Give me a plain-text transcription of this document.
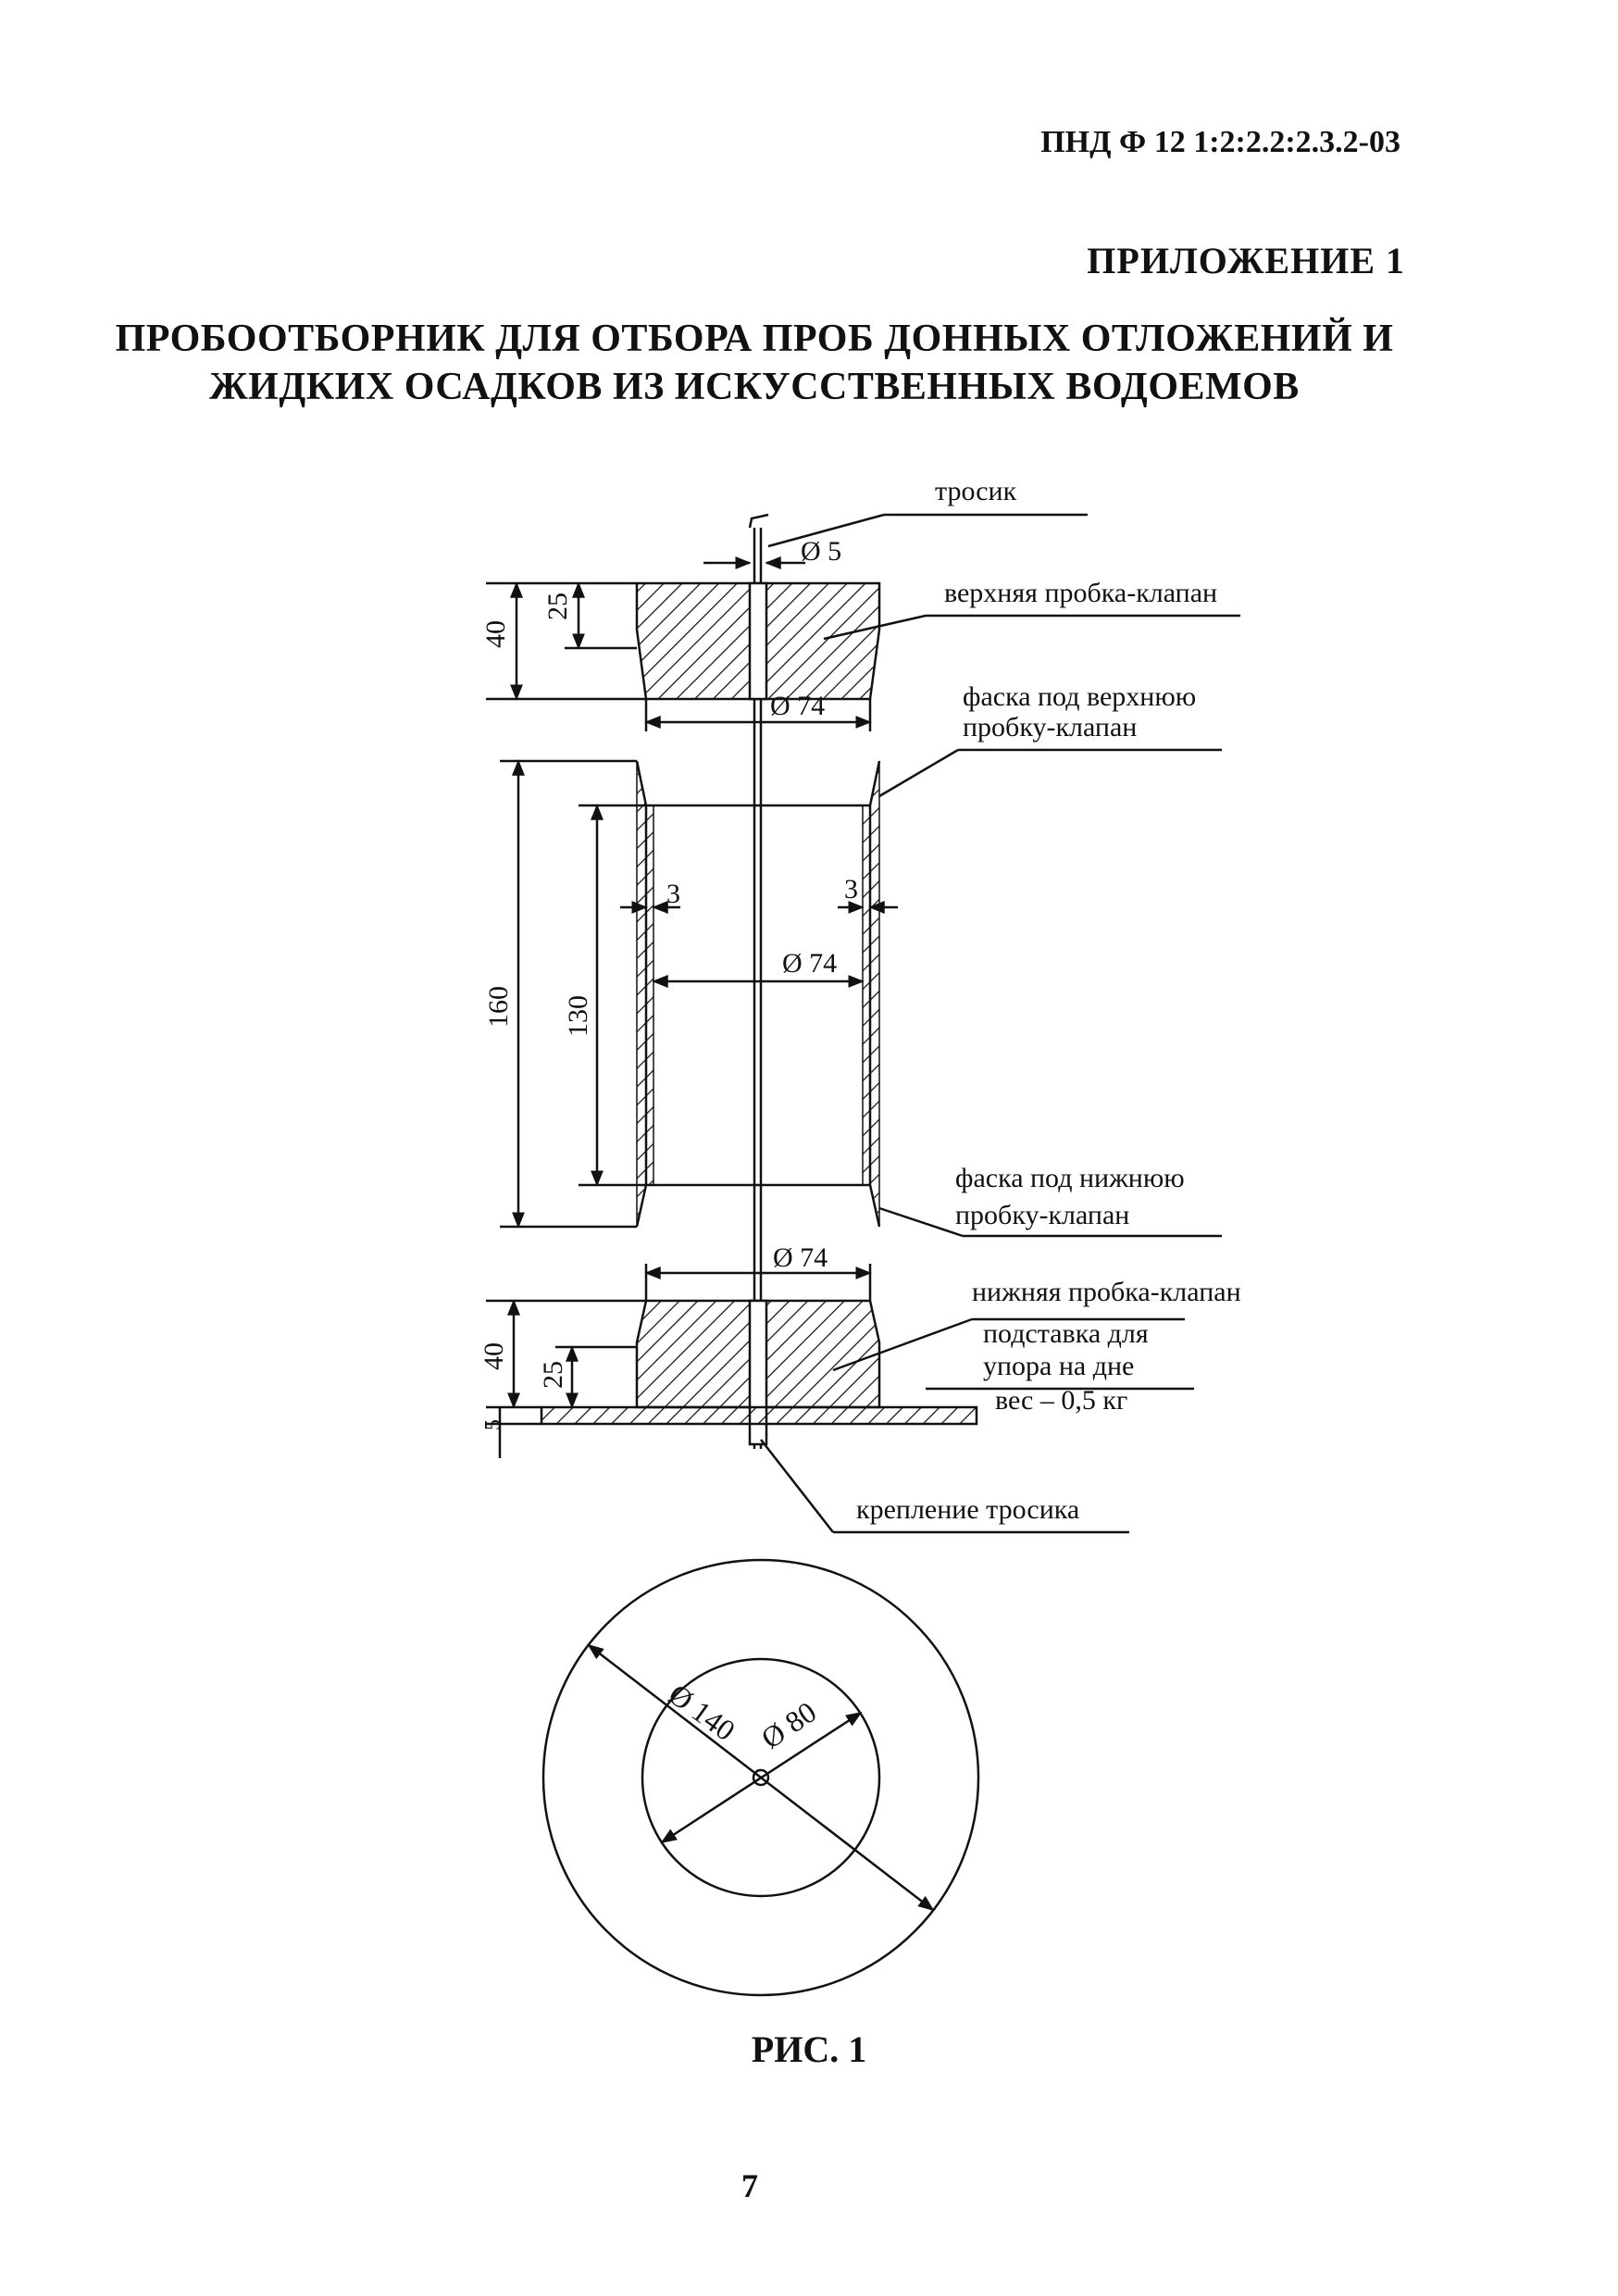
ПНД Ф 12 1:2:2.2:2.3.2-03
ПРИЛОЖЕНИЕ 1
ПРОБООТБОРНИК ДЛЯ ОТБОРА ПРОБ ДОННЫХ ОТЛОЖЕНИЙ И
ЖИДКИХ ОСАДКОВ ИЗ ИСКУССТВЕННЫХ ВОДОЕМОВ
тросик
Ø 5
верхняя пробка-клапан
40
25
Ø 74	фаска под верхнюю
пробку-клапан
3	3
Ø 74
160 130
фаска под нижнюю
пробку-клапан
Ø 74
нижняя пробка-клапан
подставка для
упора на дне
вес – 0,5 кг
40
25
5
крепление тросика
Ø 140 Ø 80
РИС. 1
7
